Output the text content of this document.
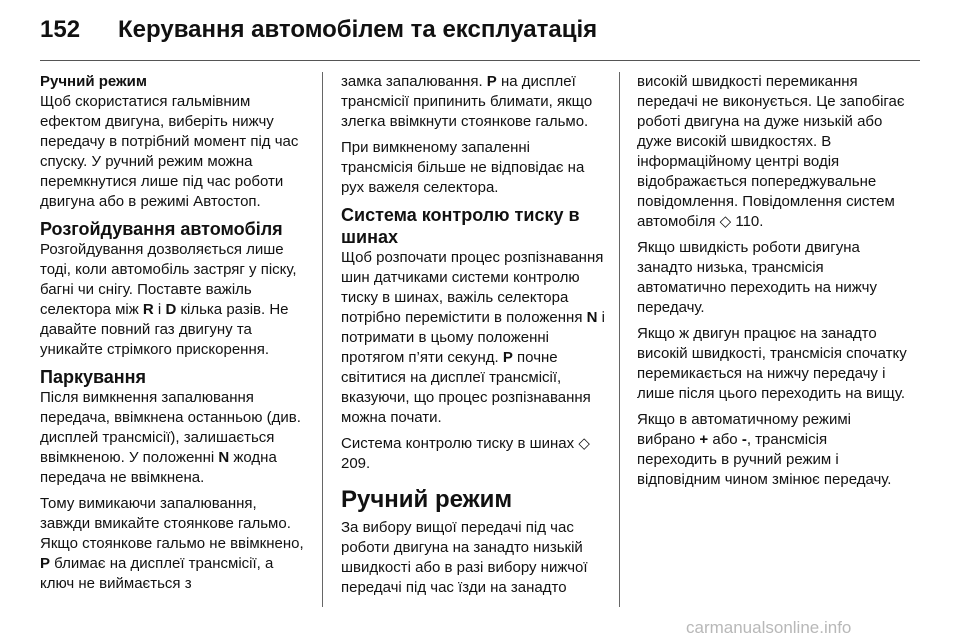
152 Керування автомобілем та експлуатація
Ручний режим

Щоб скористатися гальмівним ефектом двигуна, виберіть нижчу передачу в потрібний момент під час спуску. У ручний режим можна перемкнутися лише під час роботи двигуна або в режимі Автостоп.

Розгойдування автомобіля

Розгойдування дозволяється лише тоді, коли автомобіль застряг у піску, багні чи снігу. Поставте важіль селектора між R і D кілька разів. Не давайте повний газ двигуну та уникайте стрімкого прискорення.

Паркування

Після вимкнення запалювання передача, ввімкнена останньою (див. дисплей трансмісії), залишається ввімкненою. У положенні N жодна передача не ввімкнена.

Тому вимикаючи запалювання, завжди вмикайте стоянкове гальмо. Якщо стоянкове гальмо не ввімкнено, P блимає на дисплеї трансмісії, а ключ не виймається з

замка запалювання. P на дисплеї трансмісії припинить блимати, якщо злегка ввімкнути стоянкове гальмо.

При вимкненому запаленні трансмісія більше не відповідає на рух важеля селектора.

Система контролю тиску в шинах

Щоб розпочати процес розпізнавання шин датчиками системи контролю тиску в шинах, важіль селектора потрібно перемістити в положення N і потримати в цьому положенні протягом п’яти секунд. P почне світитися на дисплеї трансмісії, вказуючи, що процес розпізнавання можна почати.

Система контролю тиску в шинах ◇ 209.

Ручний режим

За вибору вищої передачі під час роботи двигуна на занадто низькій швидкості або в разі вибору нижчої передачі під час їзди на занадто

високій швидкості перемикання передачі не виконується. Це запобігає роботі двигуна на дуже низькій або дуже високій швидкостях. В інформаційному центрі водія відображається попереджувальне повідомлення. Повідомлення систем автомобіля ◇ 110.

Якщо швидкість роботи двигуна занадто низька, трансмісія автоматично переходить на нижчу передачу.

Якщо ж двигун працює на занадто високій швидкості, трансмісія спочатку перемикається на нижчу передачу і лише після цього переходить на вищу.

Якщо в автоматичному режимі вибрано + або -, трансмісія переходить в ручний режим і відповідним чином змінює передачу.

carmanualsonline.info
